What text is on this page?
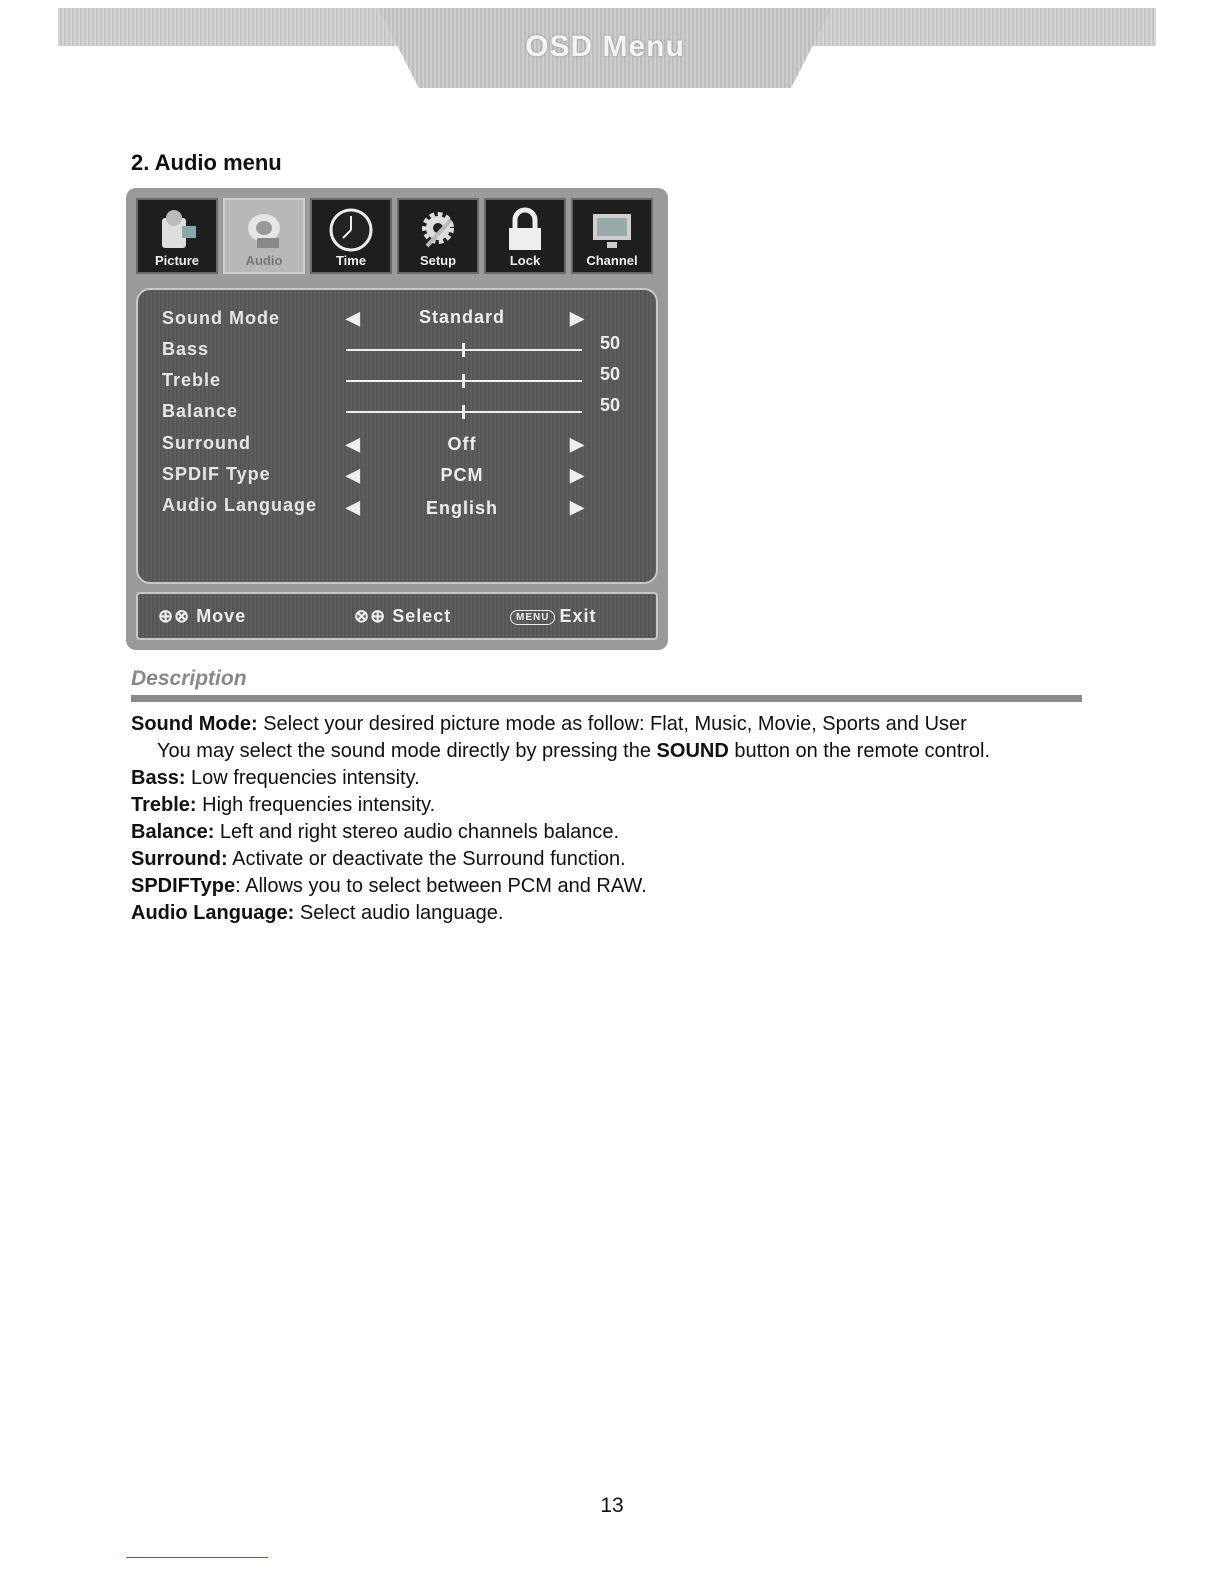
OSD Menu
2. Audio menu
Picture	Audio	Time	Setup	Lock	Channel
Sound Mode	◀	Standard	▶
Bass	50
Treble	50
Balance	50
Surround	◀	Off	▶
SPDIF Type	◀	PCM	▶
Audio Language ◀	English	▶
⊕⊗ Move	⊗⊕ Select	MENU Exit
Description

Sound Mode: Select your desired picture mode as follow: Flat, Music, Movie, Sports and User

You may select the sound mode directly by pressing the SOUND button on the remote control.

Bass: Low frequencies intensity.

Treble: High frequencies intensity.

Balance: Left and right stereo audio channels balance.

Surround: Activate or deactivate the Surround function.

SPDIFType: Allows you to select between PCM and RAW.

Audio Language: Select audio language.

13
